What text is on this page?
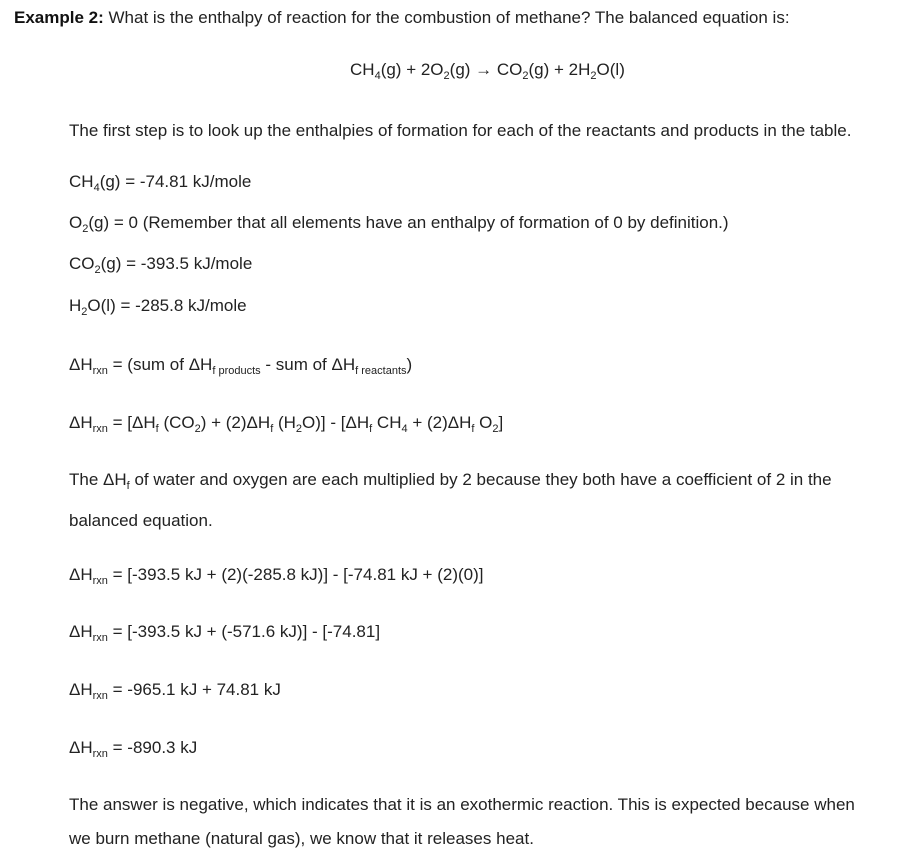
Example 2: What is the enthalpy of reaction for the combustion of methane? The balanced equation is:
$CH_4(g) + 2O_2(g) \to CO_2(g) + 2H_2O(l)$
The first step is to look up the enthalpies of formation for each of the reactants and products in the table.
$CH_4(g) = -74.81$ kJ/mole
$O_2(g) = 0$ (Remember that all elements have an enthalpy of formation of 0 by definition.)
$CO_2(g) = -393.5$ kJ/mole
$H_2O(l) = -285.8$ kJ/mole
$\Delta H_{rxn} = (sum$ of $\Delta H_{f products}$ - sum of $\Delta H_{f reactants}$)
$\Delta H_{rxn} = [\Delta H_f$ $(CO_2) + (2)\Delta H_f$ $(H_2O)] - [\Delta H_f$ $CH_4 + (2)\Delta H_f$ $O_2$]
The $\Delta H_f$ of water and oxygen are each multiplied by 2 because they both have a coefficient of 2 in the
balanced equation.
$\Delta H_{rxn} = [-393.5$ kJ + (2)(-285.8 kJ)] - [-74.81 kJ + (2)(0)]
$\Delta H_{rxn} = [-393.5$ kJ + (-571.6 kJ)] - [-74.81]
$\Delta H_{rxn} = -965.1$ kJ + 74.81 kJ
$\Delta H_{rxn} = -890.3$ kJ
The answer is negative, which indicates that it is an exothermic reaction. This is expected because when
we burn methane (natural gas), we know that it releases heat.
